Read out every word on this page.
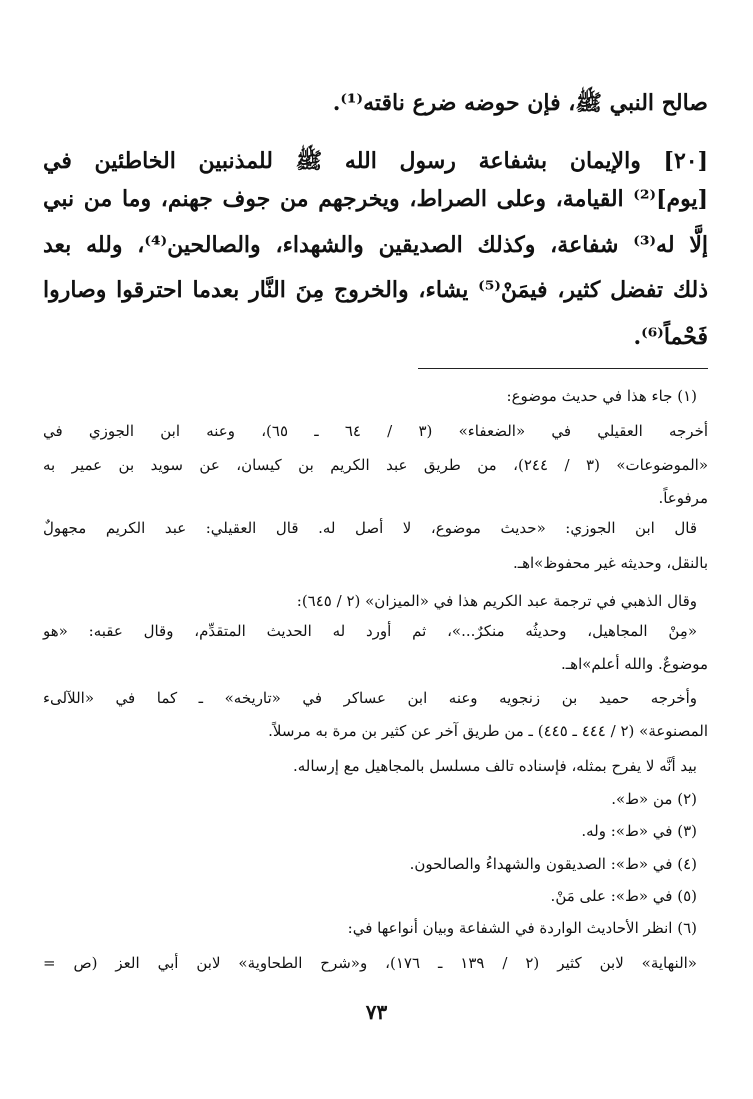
صالح النبي ﷺ، فإن حوضه ضرع ناقته⁽¹⁾.
[٢٠] والإيمان بشفاعة رسول الله ﷺ للمذنبين الخاطئين في
[يوم]⁽²⁾ القيامة، وعلى الصراط، ويخرجهم من جوف جهنم، وما من نبي
إلَّا له⁽³⁾ شفاعة، وكذلك الصديقين والشهداء، والصالحين⁽⁴⁾، ولله بعد
ذلك تفضل كثير، فيمَنْ⁽⁵⁾ يشاء، والخروج مِنَ النَّار بعدما احترقوا وصاروا
فَحْماً⁽⁶⁾.
(١) جاء هذا في حديث موضوع:
أخرجه العقيلي في «الضعفاء» (٣ / ٦٤ ـ ٦٥)، وعنه ابن الجوزي في
«الموضوعات» (٣ / ٢٤٤)، من طريق عبد الكريم بن كيسان، عن سويد بن عمير به
مرفوعاً.
قال ابن الجوزي: «حديث موضوع، لا أصل له. قال العقيلي: عبد الكريم مجهولٌ
بالنقل، وحديثه غير محفوظ»اهـ.
وقال الذهبي في ترجمة عبد الكريم هذا في «الميزان» (٢ / ٦٤٥):
«مِنْ المجاهيل، وحديثُه منكرٌ...»، ثم أورد له الحديث المتقدِّم، وقال عقبه: «هو
موضوعٌ. والله أعلم»اهـ.
وأخرجه حميد بن زنجويه وعنه ابن عساكر في «تاريخه» ـ كما في «اللآلىء
المصنوعة» (٢ / ٤٤٤ ـ ٤٤٥) ـ من طريق آخر عن كثير بن مرة به مرسلاً.
بيد أنَّه لا يفرح بمثله، فإسناده تالف مسلسل بالمجاهيل مع إرساله.
(٢) من «ط».
(٣) في «ط»: وله.
(٤) في «ط»: الصديقون والشهداءُ والصالحون.
(٥) في «ط»: على مَنْ.
(٦) انظر الأحاديث الواردة في الشفاعة وبيان أنواعها في:
«النهاية» لابن كثير (٢ / ١٣٩ ـ ١٧٦)، و«شرح الطحاوية» لابن أبي العز (ص =
٧٣
